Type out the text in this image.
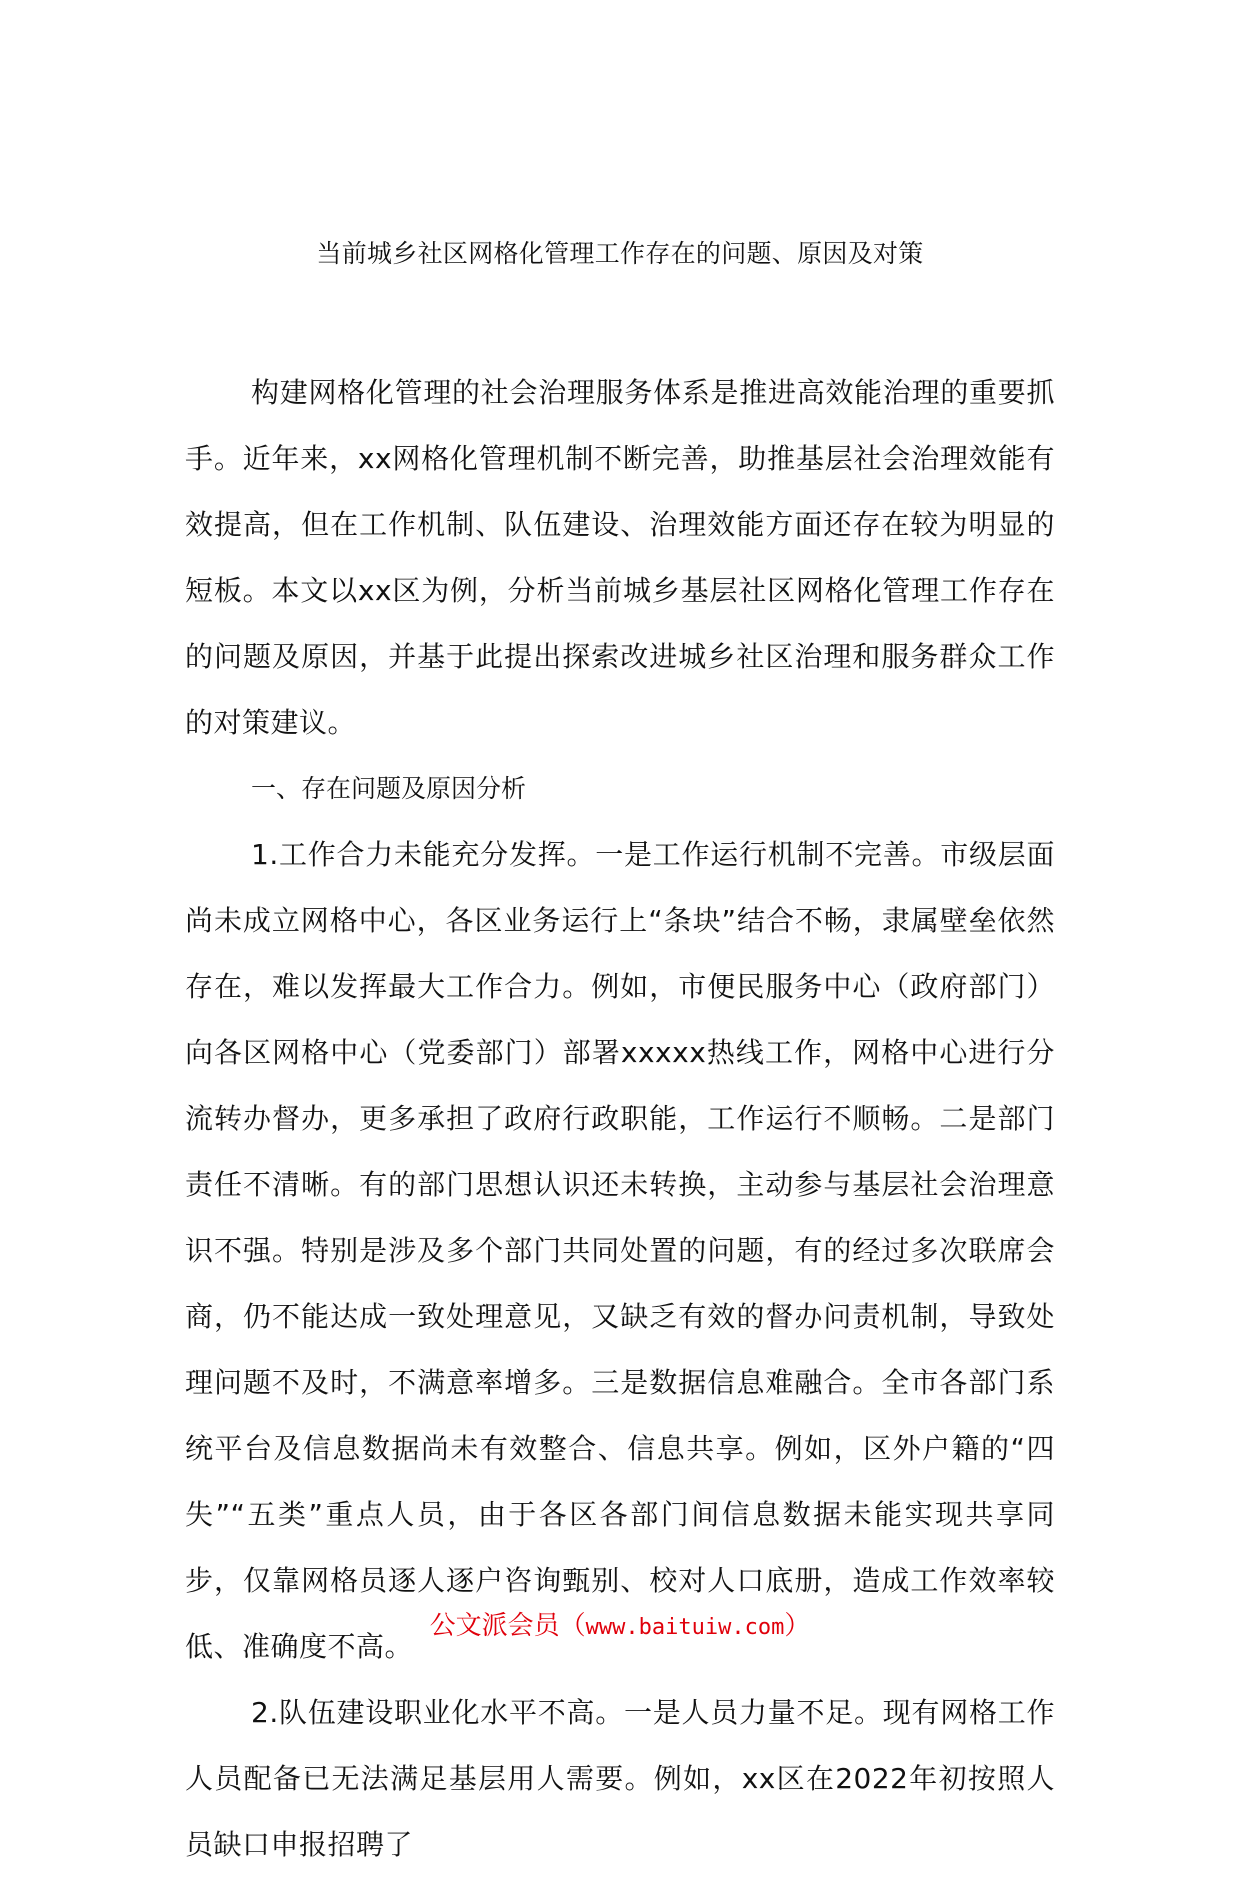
当前城乡社区网格化管理工作存在的问题、原因及对策

构建网格化管理的社会治理服务体系是推进高效能治理的重要抓手。近年来，xx网格化管理机制不断完善，助推基层社会治理效能有效提高，但在工作机制、队伍建设、治理效能方面还存在较为明显的短板。本文以xx区为例，分析当前城乡基层社区网格化管理工作存在的问题及原因，并基于此提出探索改进城乡社区治理和服务群众工作的对策建议。

一、存在问题及原因分析

1.工作合力未能充分发挥。一是工作运行机制不完善。市级层面尚未成立网格中心，各区业务运行上“条块”结合不畅，隶属壁垒依然存在，难以发挥最大工作合力。例如，市便民服务中心（政府部门）向各区网格中心（党委部门）部署xxxxx热线工作，网格中心进行分流转办督办，更多承担了政府行政职能，工作运行不顺畅。二是部门责任不清晰。有的部门思想认识还未转换，主动参与基层社会治理意识不强。特别是涉及多个部门共同处置的问题，有的经过多次联席会商，仍不能达成一致处理意见，又缺乏有效的督办问责机制，导致处理问题不及时，不满意率增多。三是数据信息难融合。全市各部门系统平台及信息数据尚未有效整合、信息共享。例如，区外户籍的“四失”“五类”重点人员，由于各区各部门间信息数据未能实现共享同步，仅靠网格员逐人逐户咨询甄别、校对人口底册，造成工作效率较低、准确度不高。

2.队伍建设职业化水平不高。一是人员力量不足。现有网格工作人员配备已无法满足基层用人需要。例如，xx区在2022年初按照人员缺口申报招聘了

公文派会员（www.baituiw.com）
